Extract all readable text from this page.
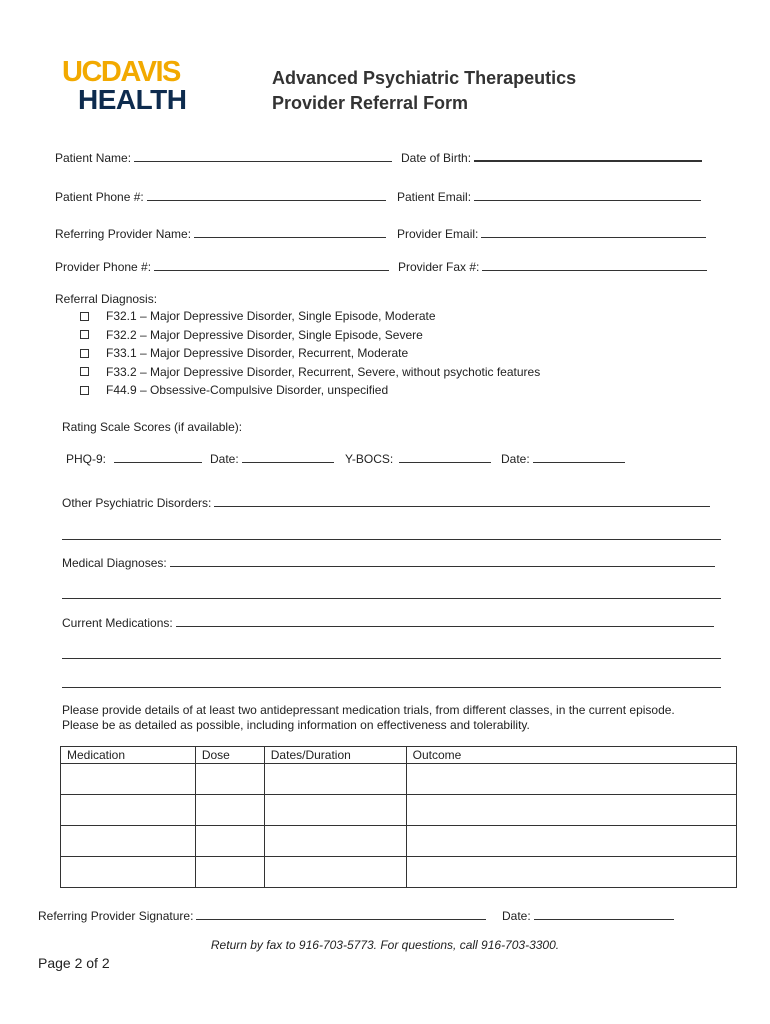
UCDAVIS
HEALTH
Advanced Psychiatric Therapeutics
Provider Referral Form
Patient Name:	Date of Birth:
Patient Phone #:	Patient Email:
Referring Provider Name:	Provider Email:
Provider Phone #:	Provider Fax #:
Referral Diagnosis:
F32.1 – Major Depressive Disorder, Single Episode, Moderate
F32.2 – Major Depressive Disorder, Single Episode, Severe
F33.1 – Major Depressive Disorder, Recurrent, Moderate
F33.2 – Major Depressive Disorder, Recurrent, Severe, without psychotic features
F44.9 – Obsessive-Compulsive Disorder, unspecified
Rating Scale Scores (if available):
PHQ-9:	Date:	Y-BOCS:	Date:
Other Psychiatric Disorders:
Medical Diagnoses:
Current Medications:
Please provide details of at least two antidepressant medication trials, from different classes, in the current episode.
Please be as detailed as possible, including information on effectiveness and tolerability.
Medication	Dose	Dates/Duration	Outcome

Referring Provider Signature:	Date:
Return by fax to 916-703-5773. For questions, call 916-703-3300.
Page 2 of 2
